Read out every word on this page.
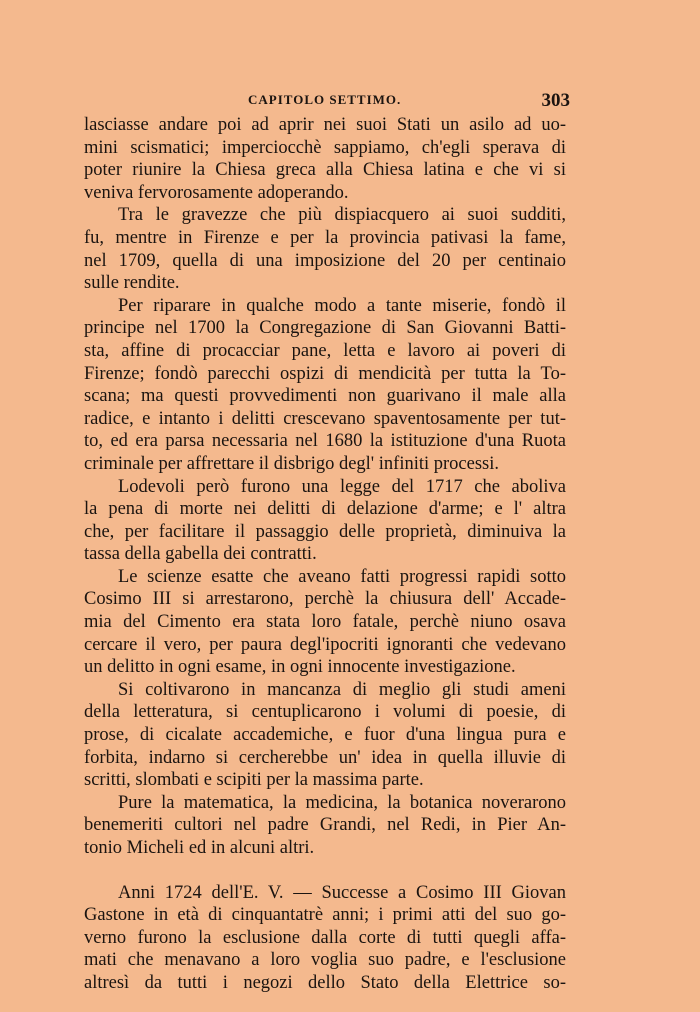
CAPITOLO SETTIMO.	303
lasciasse andare poi ad aprir nei suoi Stati un asilo ad uo-
mini scismatici; imperciocchè sappiamo, ch'egli sperava di
poter riunire la Chiesa greca alla Chiesa latina e che vi si
veniva fervorosamente adoperando.
Tra le gravezze che più dispiacquero ai suoi sudditi,
fu, mentre in Firenze e per la provincia pativasi la fame,
nel 1709, quella di una imposizione del 20 per centinaio
sulle rendite.
Per riparare in qualche modo a tante miserie, fondò il
principe nel 1700 la Congregazione di San Giovanni Batti-
sta, affine di procacciar pane, letta e lavoro ai poveri di
Firenze; fondò parecchi ospizi di mendicità per tutta la Το-
scana; ma questi provvedimenti non guarivano il male alla
radice, e intanto i delitti crescevano spaventosamente per tut-
to, ed era parsa necessaria nel 1680 la istituzione d'una Ruota
criminale per affrettare il disbrigo degl' infiniti processi.
Lodevoli però furono una legge del 1717 che aboliva
la pena di morte nei delitti di delazione d'arme; e l' altra
che, per facilitare il passaggio delle proprietà, diminuiva la
tassa della gabella dei contratti.
Le scienze esatte che aveano fatti progressi rapidi sotto
Cosimo III si arrestarono, perchè la chiusura dell' Accade-
mia del Cimento era stata loro fatale, perchè niuno osava
cercare il vero, per paura degl'ipocriti ignoranti che vedevano
un delitto in ogni esame, in ogni innocente investigazione.
Si coltivarono in mancanza di meglio gli studi ameni
della letteratura, si centuplicarono i volumi di poesie, di
prose, di cicalate accademiche, e fuor d'una lingua pura e
forbita, indarno si cercherebbe un' idea in quella illuvie di
scritti, slombati e scipiti per la massima parte.
Pure la matematica, la medicina, la botanica noverarono
benemeriti cultori nel padre Grandi, nel Redi, in Pier An-
tonio Micheli ed in alcuni altri.
Anni 1724 dell'E. V. — Successe a Cosimo III Giovan
Gastone in età di cinquantatrè anni; i primi atti del suo go-
verno furono la esclusione dalla corte di tutti quegli affa-
mati che menavano a loro voglia suo padre, e l'esclusione
altresì da tutti i negozi dello Stato della Elettrice so-
